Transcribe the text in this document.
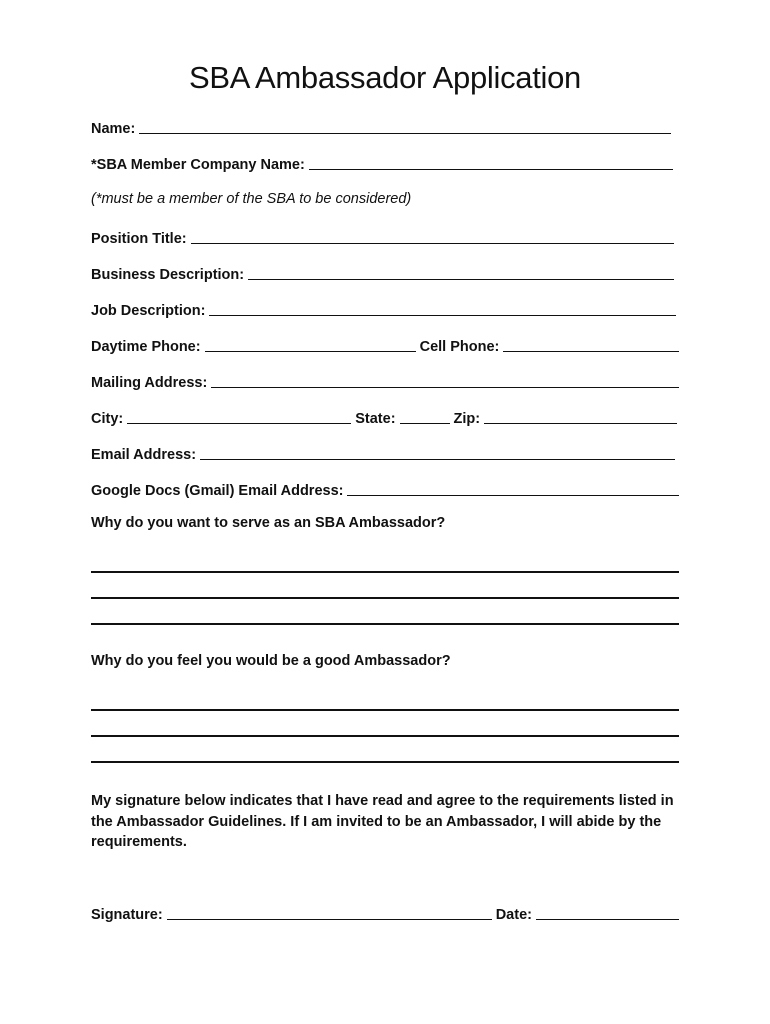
SBA Ambassador Application
Name:
*SBA Member Company Name:
(*must be a member of the SBA to be considered)
Position Title:
Business Description:
Job Description:
Daytime Phone:	Cell Phone:
Mailing Address:
City:	State:	Zip:
Email Address:
Google Docs (Gmail) Email Address:
Why do you want to serve as an SBA Ambassador?
Why do you feel you would be a good Ambassador?
My signature below indicates that I have read and agree to the requirements listed in the Ambassador Guidelines. If I am invited to be an Ambassador, I will abide by the requirements.
Signature:	Date:
